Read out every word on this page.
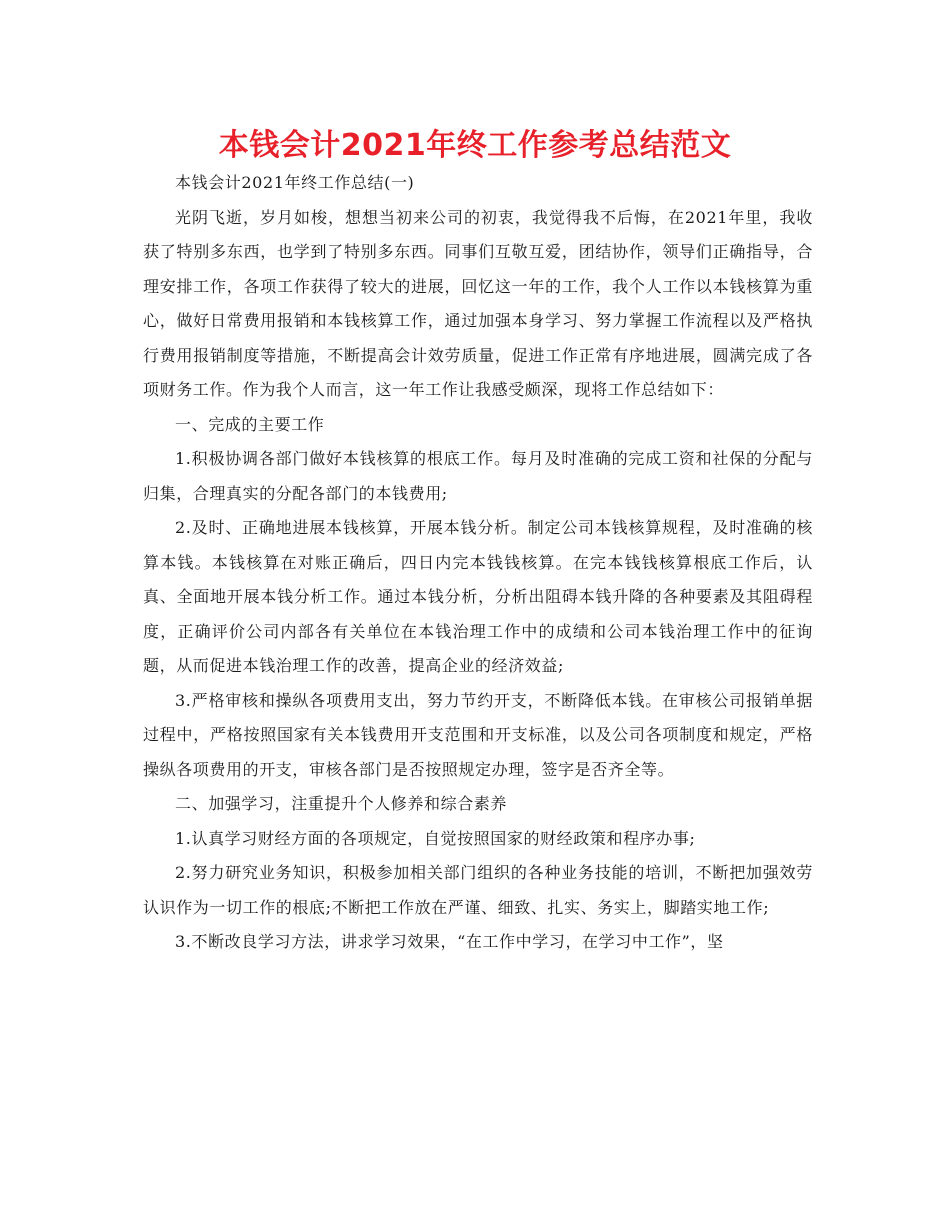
本钱会计2021年终工作参考总结范文

本钱会计2021年终工作总结(一)

光阴飞逝，岁月如梭，想想当初来公司的初衷，我觉得我不后悔，在2021年里，我收获了特别多东西，也学到了特别多东西。同事们互敬互爱，团结协作，领导们正确指导，合理安排工作，各项工作获得了较大的进展，回忆这一年的工作，我个人工作以本钱核算为重心，做好日常费用报销和本钱核算工作，通过加强本身学习、努力掌握工作流程以及严格执行费用报销制度等措施，不断提高会计效劳质量，促进工作正常有序地进展，圆满完成了各项财务工作。作为我个人而言，这一年工作让我感受颇深，现将工作总结如下：

一、完成的主要工作

1.积极协调各部门做好本钱核算的根底工作。每月及时准确的完成工资和社保的分配与归集，合理真实的分配各部门的本钱费用;

2.及时、正确地进展本钱核算，开展本钱分析。制定公司本钱核算规程，及时准确的核算本钱。本钱核算在对账正确后，四日内完本钱钱核算。在完本钱钱核算根底工作后，认真、全面地开展本钱分析工作。通过本钱分析，分析出阻碍本钱升降的各种要素及其阻碍程度，正确评价公司内部各有关单位在本钱治理工作中的成绩和公司本钱治理工作中的征询题，从而促进本钱治理工作的改善，提高企业的经济效益;

3.严格审核和操纵各项费用支出，努力节约开支，不断降低本钱。在审核公司报销单据过程中，严格按照国家有关本钱费用开支范围和开支标准，以及公司各项制度和规定，严格操纵各项费用的开支，审核各部门是否按照规定办理，签字是否齐全等。

二、加强学习，注重提升个人修养和综合素养

1.认真学习财经方面的各项规定，自觉按照国家的财经政策和程序办事;

2.努力研究业务知识，积极参加相关部门组织的各种业务技能的培训，不断把加强效劳认识作为一切工作的根底;不断把工作放在严谨、细致、扎实、务实上，脚踏实地工作;

3.不断改良学习方法，讲求学习效果，“在工作中学习，在学习中工作”，坚
